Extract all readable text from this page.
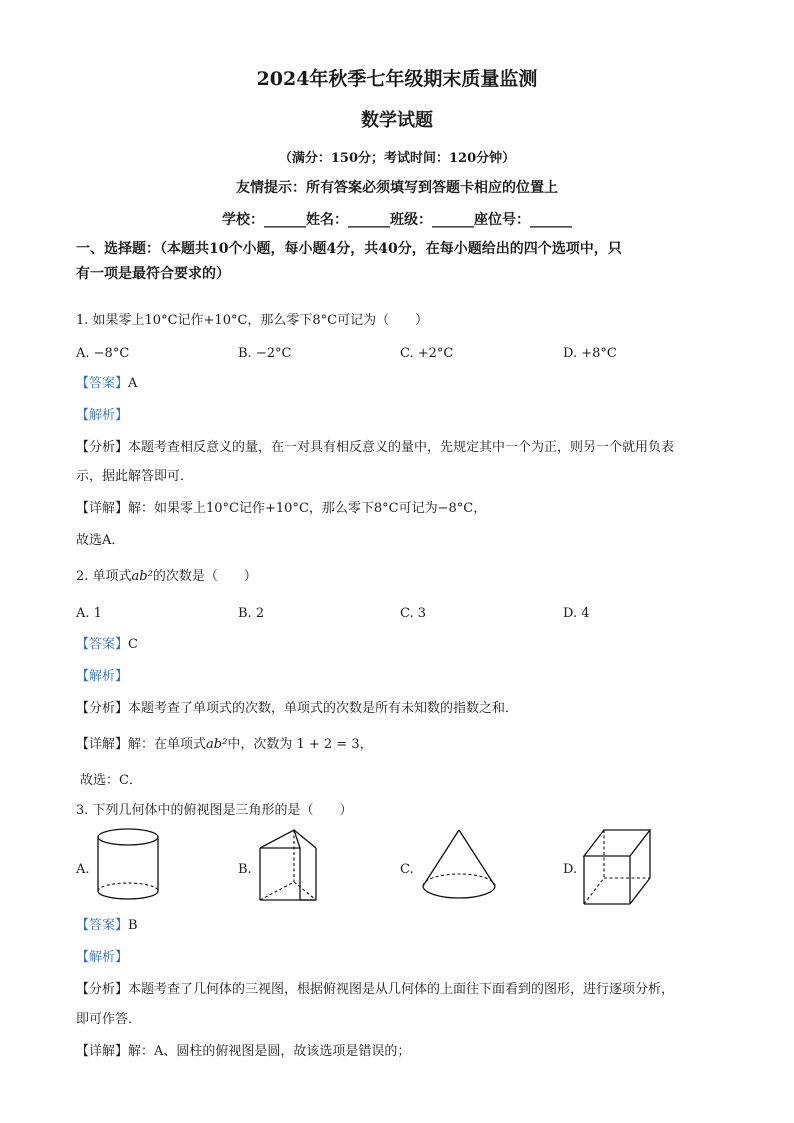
2024年秋季七年级期末质量监测
数学试题
（满分：150分；考试时间：120分钟）
友情提示：所有答案必须填写到答题卡相应的位置上
学校：______姓名：______班级：______座位号：______
一、选择题：（本题共10个小题，每小题4分，共40分，在每小题给出的四个选项中，只
有一项是最符合要求的）
1. 如果零上10°C记作+10°C，那么零下8°C可记为（　　）
A. −8°C	B. −2°C	C. +2°C	D. +8°C
【答案】A
【解析】
【分析】本题考查相反意义的量，在一对具有相反意义的量中，先规定其中一个为正，则另一个就用负表
示，据此解答即可．
【详解】解：如果零上10°C记作+10°C，那么零下8°C可记为−8°C，
故选A．
2. 单项式ab²的次数是（　　）
A. 1	B. 2	C. 3	D. 4
【答案】C
【解析】
【分析】本题考查了单项式的次数，单项式的次数是所有未知数的指数之和．
【详解】解：在单项式ab²中，次数为 1 + 2 = 3，
故选：C．
3. 下列几何体中的俯视图是三角形的是（　　）
A.	B.	C.	D.
【答案】B
【解析】
【分析】本题考查了几何体的三视图，根据俯视图是从几何体的上面往下面看到的图形，进行逐项分析，
即可作答．
【详解】解：A、圆柱的俯视图是圆，故该选项是错误的；
